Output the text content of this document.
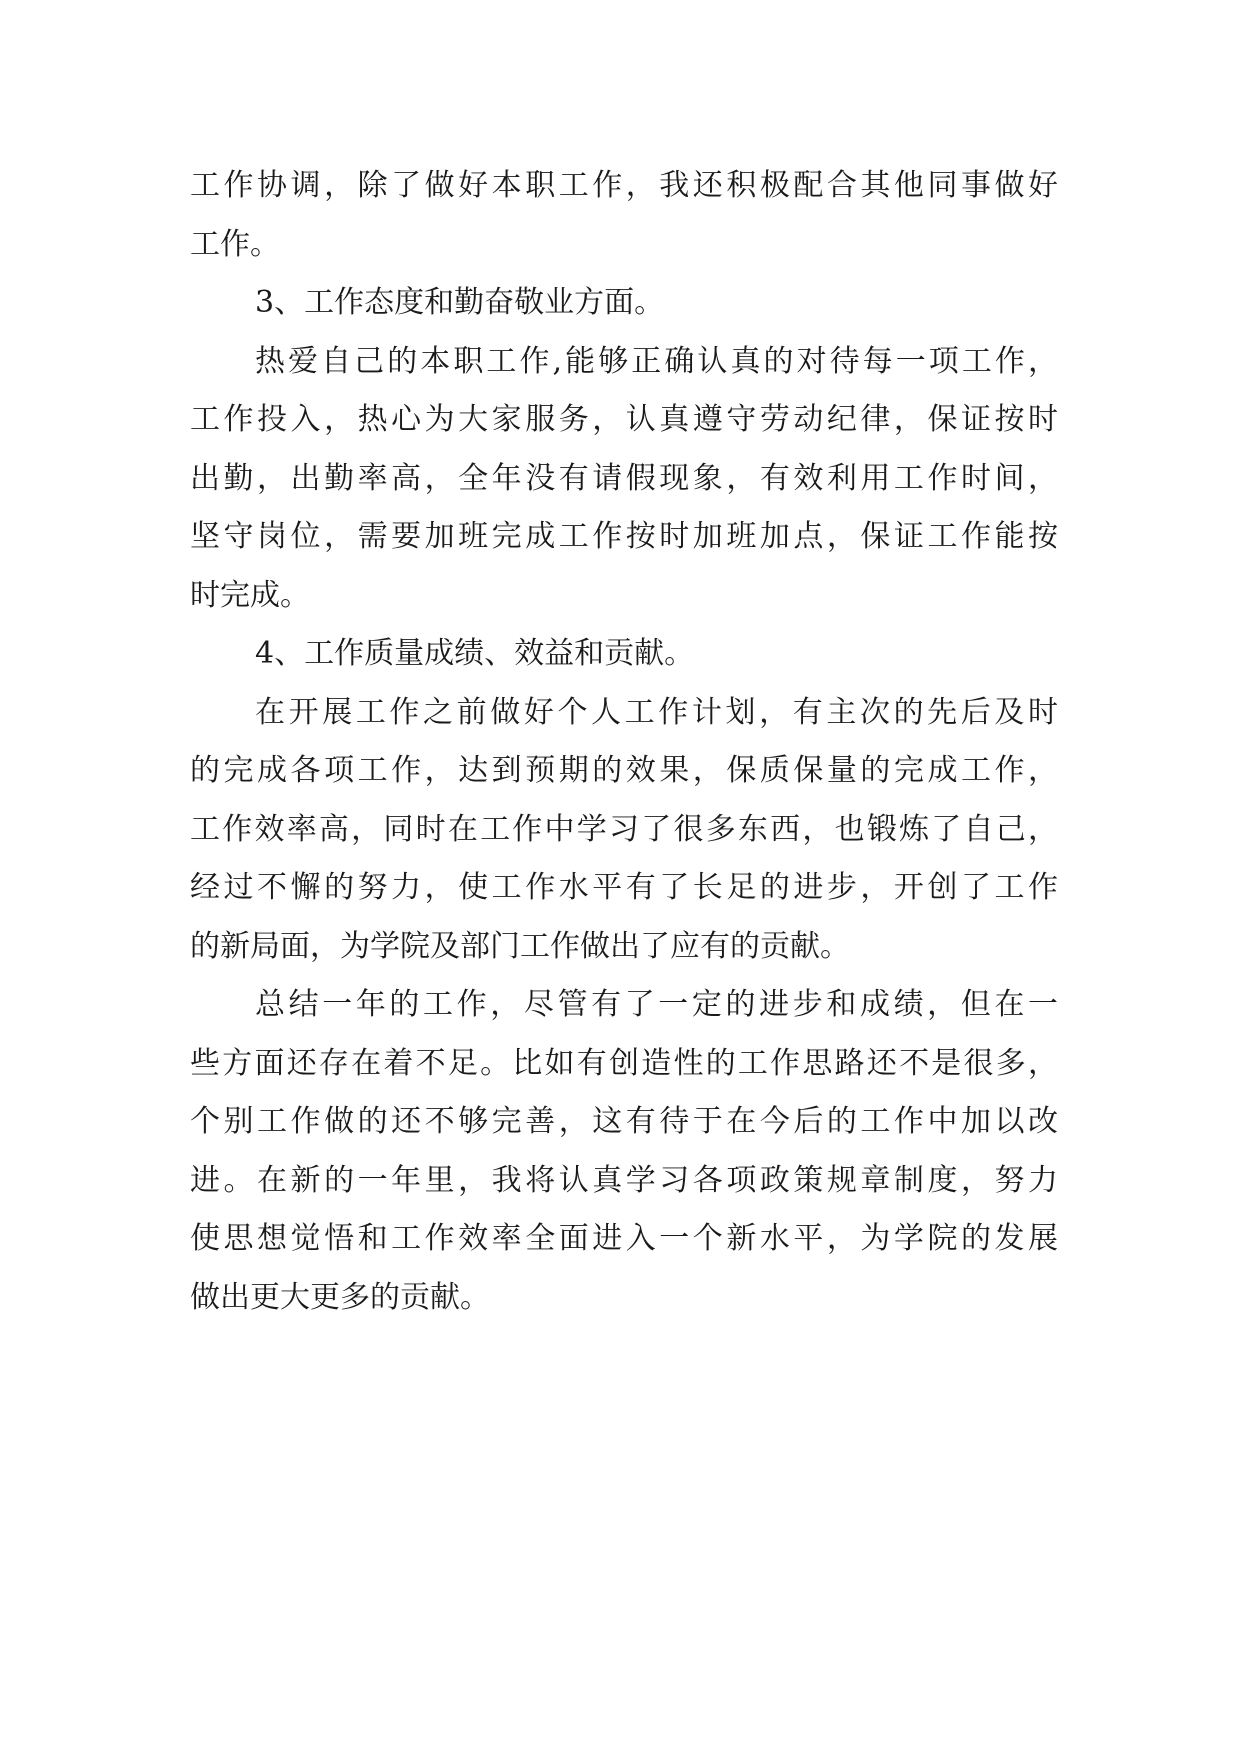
工作协调，除了做好本职工作，我还积极配合其他同事做好
工作。
3、工作态度和勤奋敬业方面。
热爱自己的本职工作,能够正确认真的对待每一项工作，
工作投入，热心为大家服务，认真遵守劳动纪律，保证按时
出勤，出勤率高，全年没有请假现象，有效利用工作时间，
坚守岗位，需要加班完成工作按时加班加点，保证工作能按
时完成。
4、工作质量成绩、效益和贡献。
在开展工作之前做好个人工作计划，有主次的先后及时
的完成各项工作，达到预期的效果，保质保量的完成工作，
工作效率高，同时在工作中学习了很多东西，也锻炼了自己，
经过不懈的努力，使工作水平有了长足的进步，开创了工作
的新局面，为学院及部门工作做出了应有的贡献。
总结一年的工作，尽管有了一定的进步和成绩，但在一
些方面还存在着不足。比如有创造性的工作思路还不是很多，
个别工作做的还不够完善，这有待于在今后的工作中加以改
进。在新的一年里，我将认真学习各项政策规章制度，努力
使思想觉悟和工作效率全面进入一个新水平，为学院的发展
做出更大更多的贡献。
